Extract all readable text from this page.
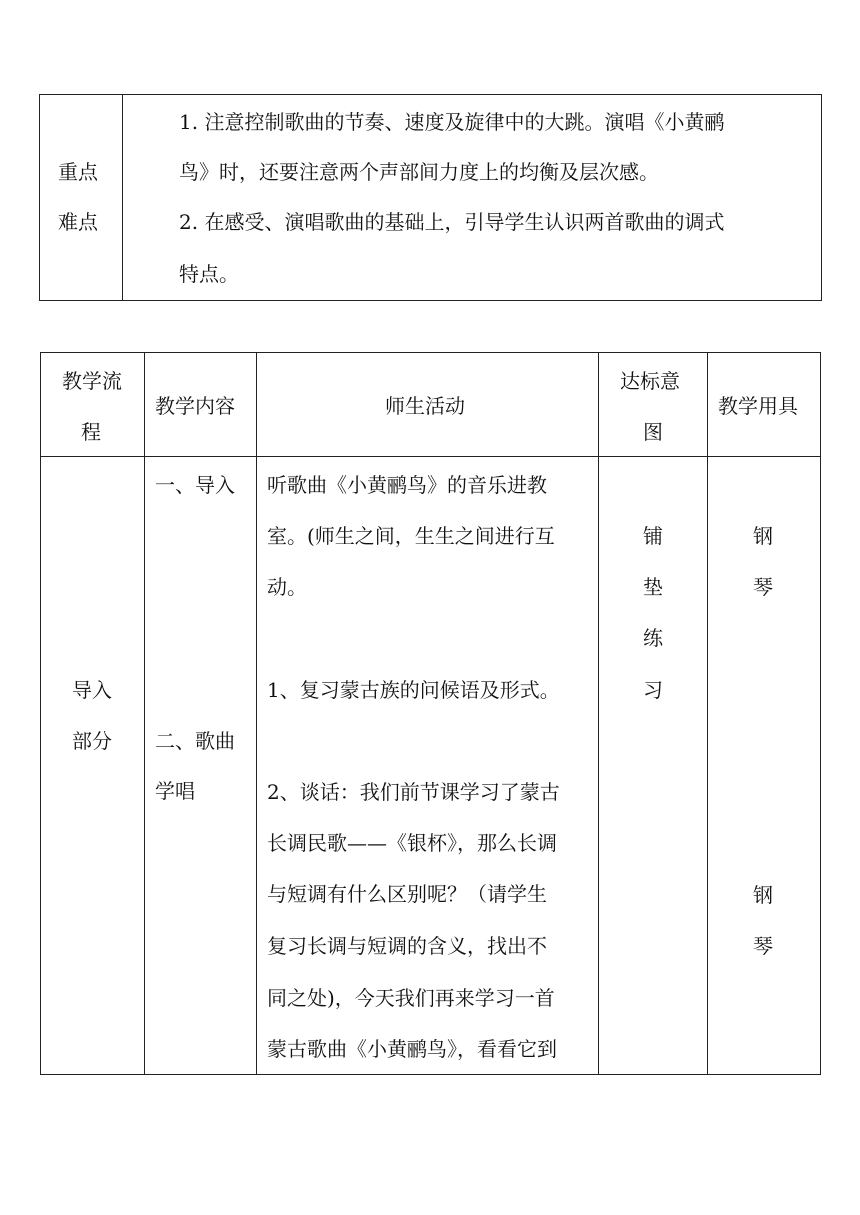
重点
难点
1. 注意控制歌曲的节奏、速度及旋律中的大跳。演唱《小黄鹂
鸟》时，还要注意两个声部间力度上的均衡及层次感。
2. 在感受、演唱歌曲的基础上，引导学生认识两首歌曲的调式
特点。
教学流
程
教学内容	师生活动
达标意
图
教学用具
导入
部分
一、导入
二、歌曲
学唱
听歌曲《小黄鹂鸟》的音乐进教
室。(师生之间，生生之间进行互
动。
1、复习蒙古族的问候语及形式。
2、谈话：我们前节课学习了蒙古
长调民歌——《银杯》，那么长调
与短调有什么区别呢？（请学生
复习长调与短调的含义，找出不
同之处)，今天我们再来学习一首
蒙古歌曲《小黄鹂鸟》，看看它到
铺
垫
练
习
钢
琴
钢
琴
